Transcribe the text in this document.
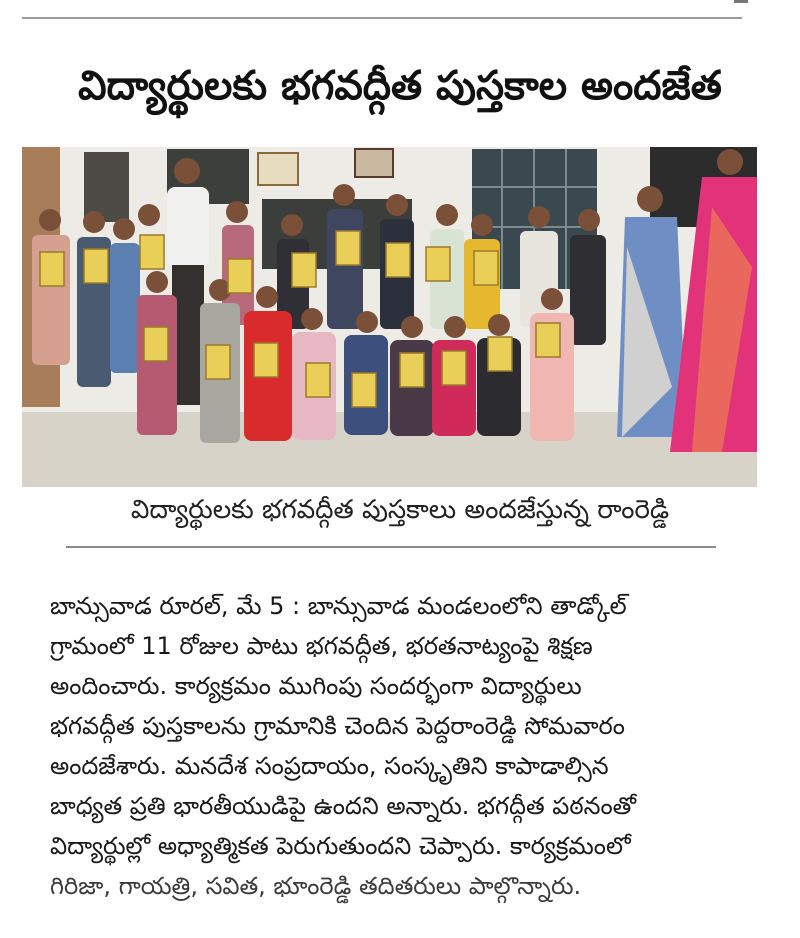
విద్యార్థులకు భగవద్గీత పుస్తకాల అందజేత
విద్యార్థులకు భగవద్గీత పుస్తకాలు అందజేస్తున్న రాంరెడ్డి
బాన్సువాడ రూరల్, మే 5 : బాన్సువాడ మండలంలోని తాడ్కోల్
గ్రామంలో 11 రోజుల పాటు భగవద్గీత, భరతనాట్యంపై శిక్షణ
అందించారు. కార్యక్రమం ముగింపు సందర్భంగా విద్యార్థులు
భగవద్గీత పుస్తకాలను గ్రామానికి చెందిన పెద్దరాంరెడ్డి సోమవారం
అందజేశారు. మనదేశ సంప్రదాయం, సంస్కృతిని కాపాడాల్సిన
బాధ్యత ప్రతి భారతీయుడిపై ఉందని అన్నారు. భగద్గీత పఠనంతో
విద్యార్థుల్లో అధ్యాత్మికత పెరుగుతుందని చెప్పారు. కార్యక్రమంలో
గిరిజా, గాయత్రి, సవిత, భూంరెడ్డి తదితరులు పాల్గొన్నారు.
